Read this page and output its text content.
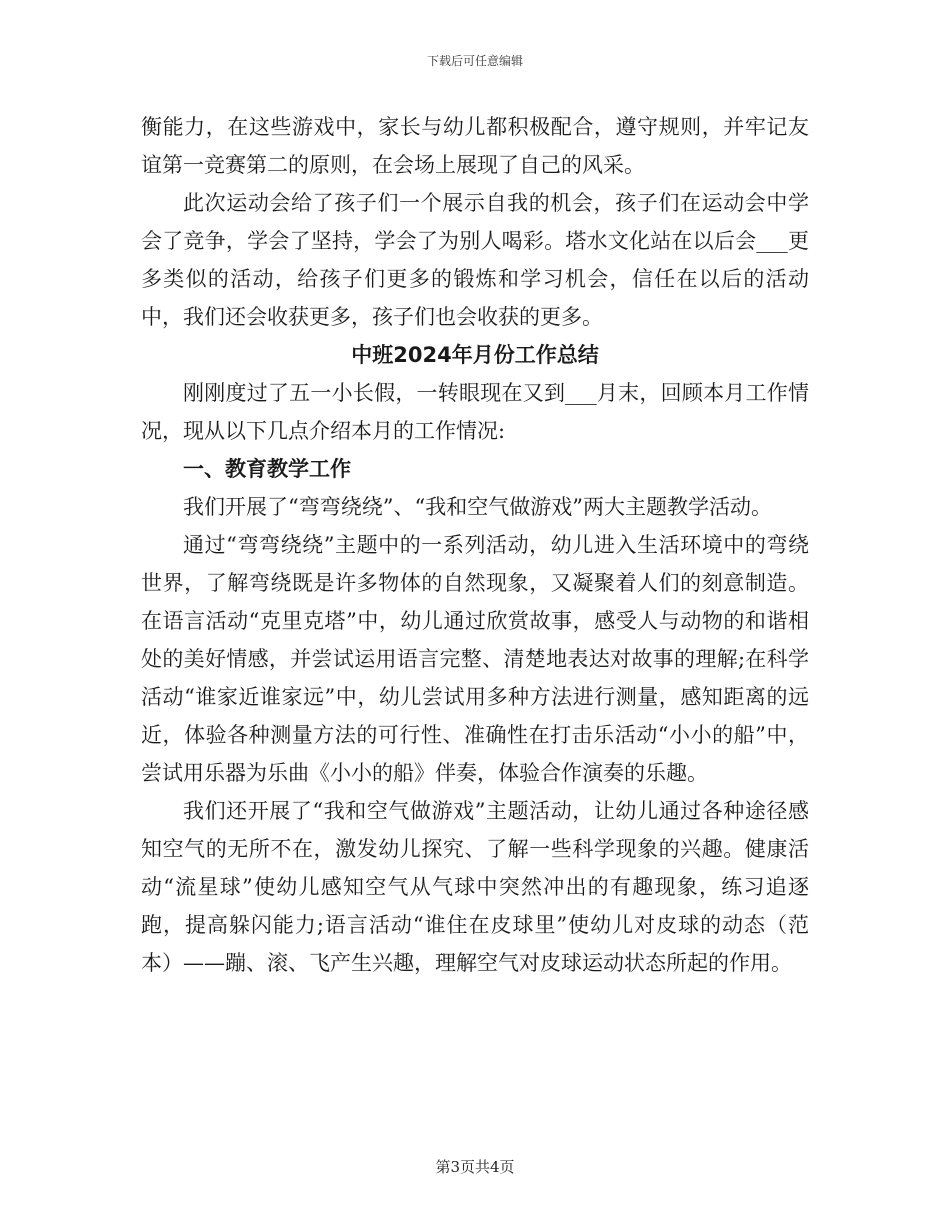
下载后可任意编辑

衡能力，在这些游戏中，家长与幼儿都积极配合，遵守规则，并牢记友谊第一竞赛第二的原则，在会场上展现了自己的风采。

此次运动会给了孩子们一个展示自我的机会，孩子们在运动会中学会了竞争，学会了坚持，学会了为别人喝彩。塔水文化站在以后会___更多类似的活动，给孩子们更多的锻炼和学习机会，信任在以后的活动中，我们还会收获更多，孩子们也会收获的更多。

中班2024年月份工作总结

刚刚度过了五一小长假，一转眼现在又到___月末，回顾本月工作情况，现从以下几点介绍本月的工作情况:

一、教育教学工作

我们开展了“弯弯绕绕”、“我和空气做游戏”两大主题教学活动。

通过“弯弯绕绕”主题中的一系列活动，幼儿进入生活环境中的弯绕世界，了解弯绕既是许多物体的自然现象，又凝聚着人们的刻意制造。在语言活动“克里克塔”中，幼儿通过欣赏故事，感受人与动物的和谐相处的美好情感，并尝试运用语言完整、清楚地表达对故事的理解;在科学活动“谁家近谁家远”中，幼儿尝试用多种方法进行测量，感知距离的远近，体验各种测量方法的可行性、准确性在打击乐活动“小小的船”中，尝试用乐器为乐曲《小小的船》伴奏，体验合作演奏的乐趣。

我们还开展了“我和空气做游戏”主题活动，让幼儿通过各种途径感知空气的无所不在，激发幼儿探究、了解一些科学现象的兴趣。健康活动“流星球”使幼儿感知空气从气球中突然冲出的有趣现象，练习追逐跑，提高躲闪能力;语言活动“谁住在皮球里”使幼儿对皮球的动态（范本）——蹦、滚、飞产生兴趣，理解空气对皮球运动状态所起的作用。

第3页共4页
